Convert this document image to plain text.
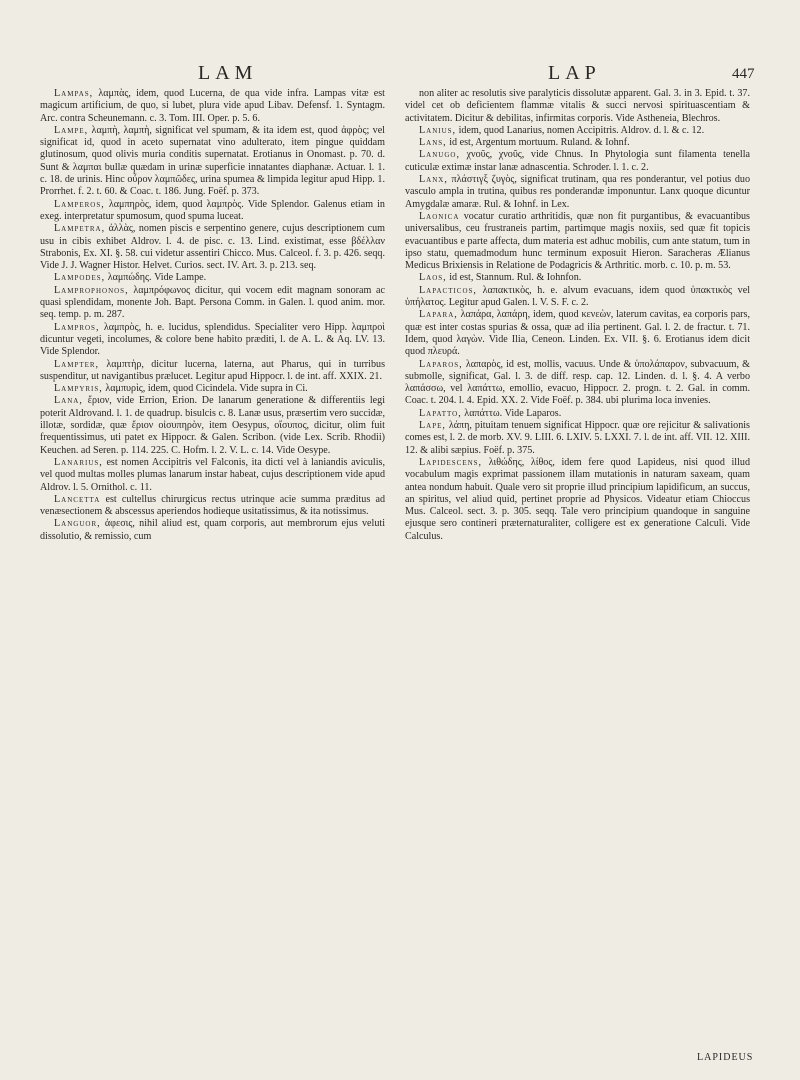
LAM	LAP	447

Lampas, λαμπὰς, idem, quod Lucerna, de qua vide infra. Lampas vitæ est magicum artificium, de quo, si lubet, plura vide apud Libav. Defensf. 1. Syntagm. Arc. contra Scheunemann. c. 3. Tom. III. Oper. p. 5. 6.

Lampe, λαμπὴ, λαμπὴ, significat vel spumam, & ita idem est, quod ἀφρὸς; vel significat id, quod in aceto supernatat vino adulterato, item pingue quiddam glutinosum, quod olivis muria conditis supernatat. Erotianus in Onomast. p. 70. d. Sunt & λαμπαι bullæ quædam in urinæ superficie innatantes diaphanæ. Actuar. l. 1. c. 18. de urinis. Hinc οὖρον λαμπῶδες, urina spumea & limpida legitur apud Hipp. 1. Prorrhet. f. 2. t. 60. & Coac. t. 186. Jung. Foëf. p. 373.

Lamperos, λαμπηρὸς, idem, quod λαμπρὸς. Vide Splendor. Galenus etiam in exeg. interpretatur spumosum, quod spuma luceat.

Lampetra, ἀλλὰς, nomen piscis e serpentino genere, cujus descriptionem cum usu in cibis exhibet Aldrov. l. 4. de pisc. c. 13. Lind. existimat, esse βδέλλαν Strabonis, Ex. XI. §. 58. cui videtur assentiri Chicco. Mus. Calceol. f. 3. p. 426. seqq. Vide J. J. Wagner Histor. Helvet. Curios. sect. IV. Art. 3. p. 213. seq.

Lampodes, λαμπώδης. Vide Lampe.

Lamprophonos, λαμπρόφωνος dicitur, qui vocem edit magnam sonoram ac quasi splendidam, monente Joh. Bapt. Persona Comm. in Galen. l. quod anim. mor. seq. temp. p. m. 287.

Lampros, λαμπρὸς, h. e. lucidus, splendidus. Specialiter vero Hipp. λαμπροὶ dicuntur vegeti, incolumes, & colore bene habito præditi, l. de A. L. & Aq. LV. 13. Vide Splendor.

Lampter, λαμπτὴρ, dicitur lucerna, laterna, aut Pharus, qui in turribus suspenditur, ut navigantibus prælucet. Legitur apud Hippocr. l. de int. aff. XXIX. 21.

Lampyris, λαμπυρὶς, idem, quod Cicindela. Vide supra in Ci.

Lana, ἔριον, vide Errion, Erion. De lanarum generatione & differentiis legi poterit Aldrovand. l. 1. de quadrup. bisulcis c. 8. Lanæ usus, præsertim vero succidæ, illotæ, sordidæ, quæ ἔριον οἰσυπηρὸν, item Oesypus, οἴσυπος, dicitur, olim fuit frequentissimus, uti patet ex Hippocr. & Galen. Scribon. (vide Lex. Scrib. Rhodii) Keuchen. ad Seren. p. 114. 225. C. Hofm. l. 2. V. L. c. 14. Vide Oesype.

Lanarius, est nomen Accipitris vel Falconis, ita dicti vel à laniandis aviculis, vel quod multas molles plumas lanarum instar habeat, cujus descriptionem vide apud Aldrov. l. 5. Ornithol. c. 11.

Lancetta est cultellus chirurgicus rectus utrinque acie summa præditus ad venæsectionem & abscessus aperiendos hodieque usitatissimus, & ita notissimus.

Languor, ἀφεσις, nihil aliud est, quam corporis, aut membrorum ejus veluti dissolutio, & remissio, cum

non aliter ac resolutis sive paralyticis dissolutæ apparent. Gal. 3. in 3. Epid. t. 37. videl cet ob deficientem flammæ vitalis & succi nervosi spirituascentiam & activitatem. Dicitur & debilitas, infirmitas corporis. Vide Astheneia, Blechros.

Lanius, idem, quod Lanarius, nomen Accipitris. Aldrov. d. l. & c. 12.

Lans, id est, Argentum mortuum. Ruland. & Iohnf.

Lanugo, χνοῦς, χνοῦς, vide Chnus. In Phytologia sunt filamenta tenella cuticulæ extimæ instar lanæ adnascentia. Schroder. l. 1. c. 2.

Lanx, πλάστιγξ ζυγὸς, significat trutinam, qua res ponderantur, vel potius duo vasculo ampla in trutina, quibus res ponderandæ imponuntur. Lanx quoque dicuntur Amygdalæ amaræ. Rul. & Iohnf. in Lex.

Laonica vocatur curatio arthritidis, quæ non fit purgantibus, & evacuantibus universalibus, ceu frustraneis partim, partimque magis noxiis, sed quæ fit topicis evacuantibus e parte affecta, dum materia est adhuc mobilis, cum ante statum, tum in ipso statu, quemadmodum hunc terminum exposuit Hieron. Saracheras Ælianus Medicus Brixiensis in Relatione de Podagricis & Arthritic. morb. c. 10. p. m. 53.

Laos, id est, Stannum. Rul. & Iohnfon.

Lapacticos, λαπακτικὸς, h. e. alvum evacuans, idem quod ὑπακτικὸς vel ὑπήλατος. Legitur apud Galen. l. V. S. F. c. 2.

Lapara, λαπάρα, λαπάρη, idem, quod κενεὼν, laterum cavitas, ea corporis pars, quæ est inter costas spurias & ossa, quæ ad ilia pertinent. Gal. l. 2. de fractur. t. 71. Idem, quod λαγὼν. Vide Ilia, Ceneon. Linden. Ex. VII. §. 6. Erotianus idem dicit quod πλευρά.

Laparos, λαπαρὸς, id est, mollis, vacuus. Unde & ὑπολάπαρον, subvacuum, & submolle, significat, Gal. l. 3. de diff. resp. cap. 12. Linden. d. l. §. 4. A verbo λαπάσσω, vel λαπάττω, emollio, evacuo, Hippocr. 2. progn. t. 2. Gal. in comm. Coac. t. 204. l. 4. Epid. XX. 2. Vide Foëf. p. 384. ubi plurima loca invenies.

Lapatto, λαπάττω. Vide Laparos.

Lape, λάπη, pituitam tenuem significat Hippocr. quæ ore rejicitur & salivationis comes est, l. 2. de morb. XV. 9. LIII. 6. LXIV. 5. LXXI. 7. l. de int. aff. VII. 12. XIII. 12. & alibi sæpius. Foëf. p. 375.

Lapidescens, λιθώδης, λίθος, idem fere quod Lapideus, nisi quod illud vocabulum magis exprimat passionem illam mutationis in naturam saxeam, quam antea nondum habuit. Quale vero sit proprie illud principium lapidificum, an succus, an spiritus, vel aliud quid, pertinet proprie ad Physicos. Videatur etiam Chioccus Mus. Calceol. sect. 3. p. 305. seqq. Tale vero principium quandoque in sanguine ejusque sero contineri præternaturaliter, colligere est ex generatione Calculi. Vide Calculus.

LAPIDEUS
